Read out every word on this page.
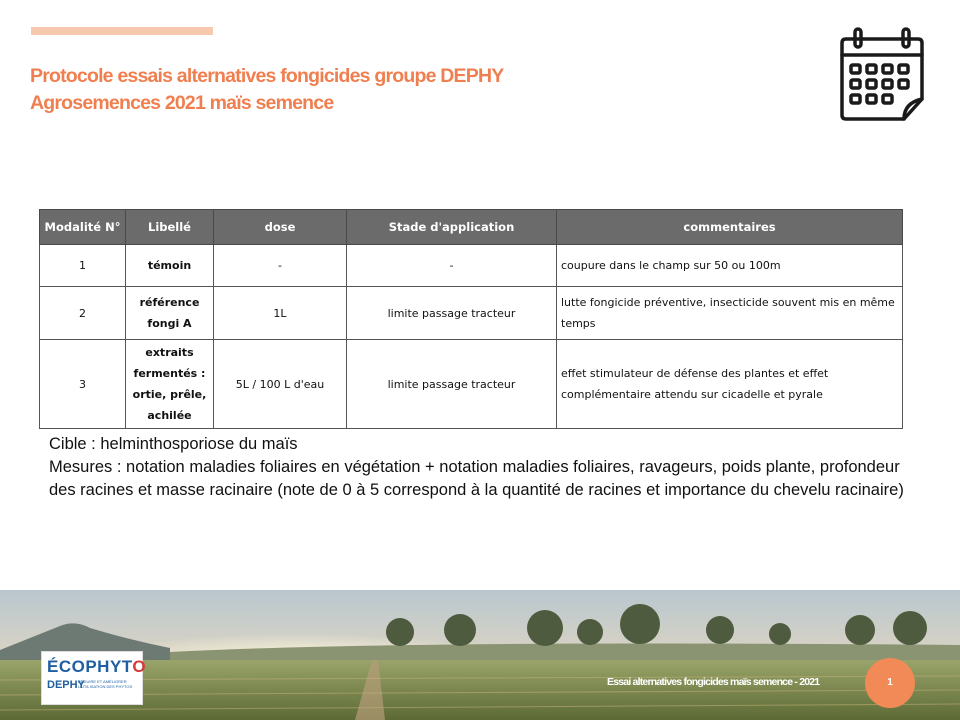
Protocole essais alternatives fongicides groupe DEPHY
Agrosemences 2021 maïs semence
Modalité N°	Libellé	dose	Stade d'application	commentaires
1	témoin	-	-	coupure dans le champ sur 50 ou 100m
2	référence fongi A	1L	limite passage tracteur	lutte fongicide préventive, insecticide souvent mis en même temps
3	extraits fermentés : ortie, prêle, achilée	5L / 100 L d'eau	limite passage tracteur	effet stimulateur de défense des plantes et effet complémentaire attendu sur cicadelle et pyrale

Cible : helminthosporiose du maïs

Mesures : notation maladies foliaires en végétation + notation maladies foliaires, ravageurs, poids plante, profondeur des racines et masse racinaire (note de 0 à 5 correspond à la quantité de racines et importance du chevelu racinaire)

ÉCOPHYTO
DEPHY
RÉDUIRE ET AMÉLIORER L'UTILISATION DES PHYTOS	Essai alternatives fongicides maïs semence - 2021	1
